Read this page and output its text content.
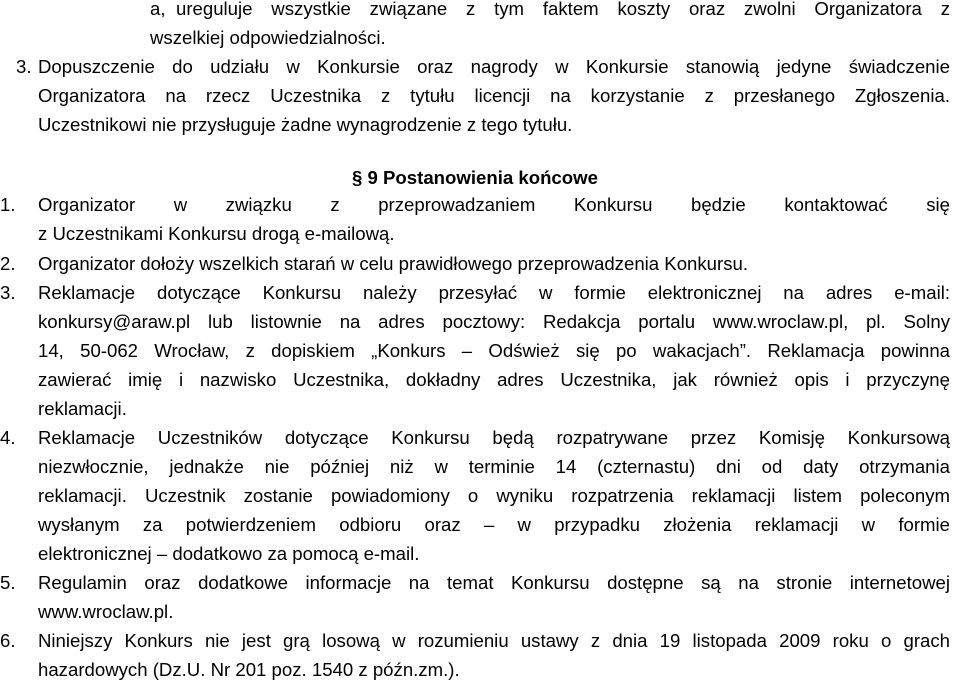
a, ureguluje wszystkie związane z tym faktem koszty oraz zwolni Organizatora z
wszelkiej odpowiedzialności.
3. Dopuszczenie do udziału w Konkursie oraz nagrody w Konkursie stanowią jedyne świadczenie
Organizatora na rzecz Uczestnika z tytułu licencji na korzystanie z przesłanego Zgłoszenia.
Uczestnikowi nie przysługuje żadne wynagrodzenie z tego tytułu.
§ 9 Postanowienia końcowe
1. Organizator w związku z przeprowadzaniem Konkursu będzie kontaktować się
z Uczestnikami Konkursu drogą e-mailową.
2. Organizator dołoży wszelkich starań w celu prawidłowego przeprowadzenia Konkursu.
3. Reklamacje dotyczące Konkursu należy przesyłać w formie elektronicznej na adres e-mail:
konkursy@araw.pl lub listownie na adres pocztowy: Redakcja portalu www.wroclaw.pl, pl. Solny
14, 50-062 Wrocław, z dopiskiem „Konkurs – Odśwież się po wakacjach”. Reklamacja powinna
zawierać imię i nazwisko Uczestnika, dokładny adres Uczestnika, jak również opis i przyczynę
reklamacji.
4. Reklamacje Uczestników dotyczące Konkursu będą rozpatrywane przez Komisję Konkursową
niezwłocznie, jednakże nie później niż w terminie 14 (czternastu) dni od daty otrzymania
reklamacji. Uczestnik zostanie powiadomiony o wyniku rozpatrzenia reklamacji listem poleconym
wysłanym za potwierdzeniem odbioru oraz – w przypadku złożenia reklamacji w formie
elektronicznej – dodatkowo za pomocą e-mail.
5. Regulamin oraz dodatkowe informacje na temat Konkursu dostępne są na stronie internetowej
www.wroclaw.pl.
6. Niniejszy Konkurs nie jest grą losową w rozumieniu ustawy z dnia 19 listopada 2009 roku o grach
hazardowych (Dz.U. Nr 201 poz. 1540 z późn.zm.).
